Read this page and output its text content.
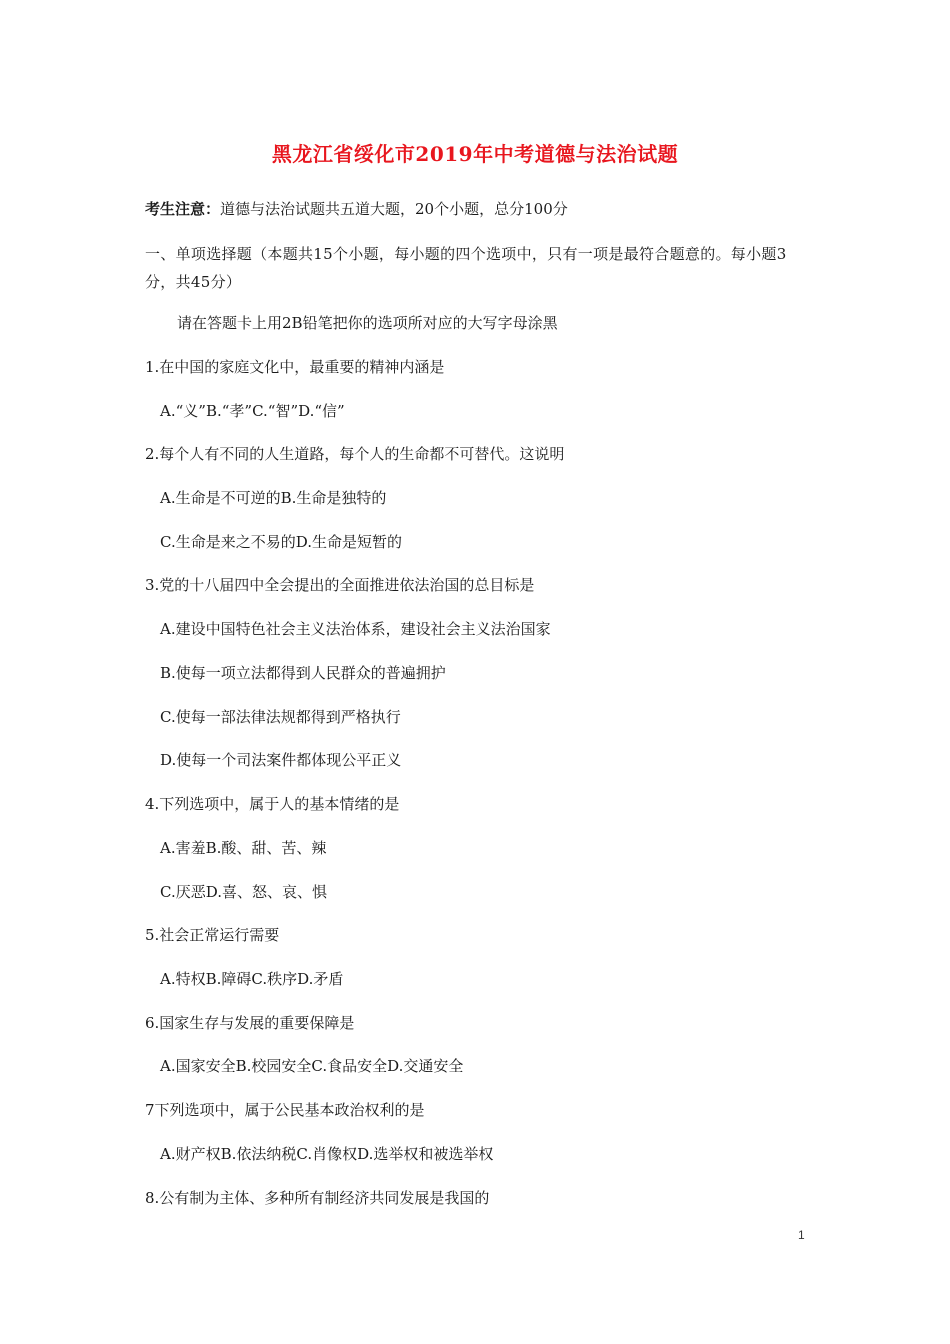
黑龙江省绥化市2019年中考道德与法治试题
考生注意：道德与法治试题共五道大题，20个小题，总分100分
一、单项选择题（本题共15个小题，每小题的四个选项中，只有一项是最符合题意的。每小题3分，共45分）
请在答题卡上用2B铅笔把你的选项所对应的大写字母涂黑
1.在中国的家庭文化中，最重要的精神内涵是
A.“义”B.“孝”C.“智”D.“信”
2.每个人有不同的人生道路，每个人的生命都不可替代。这说明
A.生命是不可逆的B.生命是独特的
C.生命是来之不易的D.生命是短暂的
3.党的十八届四中全会提出的全面推进依法治国的总目标是
A.建设中国特色社会主义法治体系，建设社会主义法治国家
B.使每一项立法都得到人民群众的普遍拥护
C.使每一部法律法规都得到严格执行
D.使每一个司法案件都体现公平正义
4.下列选项中，属于人的基本情绪的是
A.害羞B.酸、甜、苦、辣
C.厌恶D.喜、怒、哀、惧
5.社会正常运行需要
A.特权B.障碍C.秩序D.矛盾
6.国家生存与发展的重要保障是
A.国家安全B.校园安全C.食品安全D.交通安全
7下列选项中，属于公民基本政治权利的是
A.财产权B.依法纳税C.肖像权D.选举权和被选举权
8.公有制为主体、多种所有制经济共同发展是我国的
1
